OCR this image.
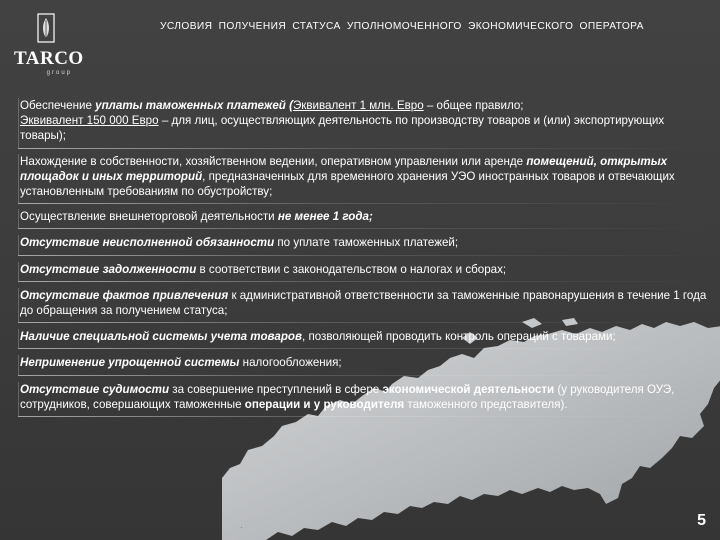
TARCO
group
УСЛОВИЯ ПОЛУЧЕНИЯ СТАТУСА УПОЛНОМОЧЕННОГО ЭКОНОМИЧЕСКОГО ОПЕРАТОРА

Обеспечение уплаты таможенных платежей (Эквивалент 1 млн. Евро – общее правило;
Эквивалент 150 000 Евро – для лиц, осуществляющих деятельность по производству товаров и (или) экспортирующих товары);

Нахождение в собственности, хозяйственном ведении, оперативном управлении или аренде помещений, открытых площадок и иных территорий, предназначенных для временного хранения УЭО иностранных товаров и отвечающих установленным требованиям по обустройству;

Осуществление внешнеторговой деятельности не менее 1 года;

Отсутствие неисполненной обязанности по уплате таможенных платежей;

Отсутствие задолженности в соответствии с законодательством о налогах и сборах;

Отсутствие фактов привлечения к административной ответственности за таможенные правонарушения в течение 1 года до обращения за получением статуса;

Наличие специальной системы учета товаров, позволяющей проводить контроль операций с товарами;

Неприменение упрощенной системы налогообложения;

Отсутствие судимости за совершение преступлений в сфере экономической деятельности (у руководителя ОУЭ, сотрудников, совершающих таможенные операции и у руководителя таможенного представителя).

5
